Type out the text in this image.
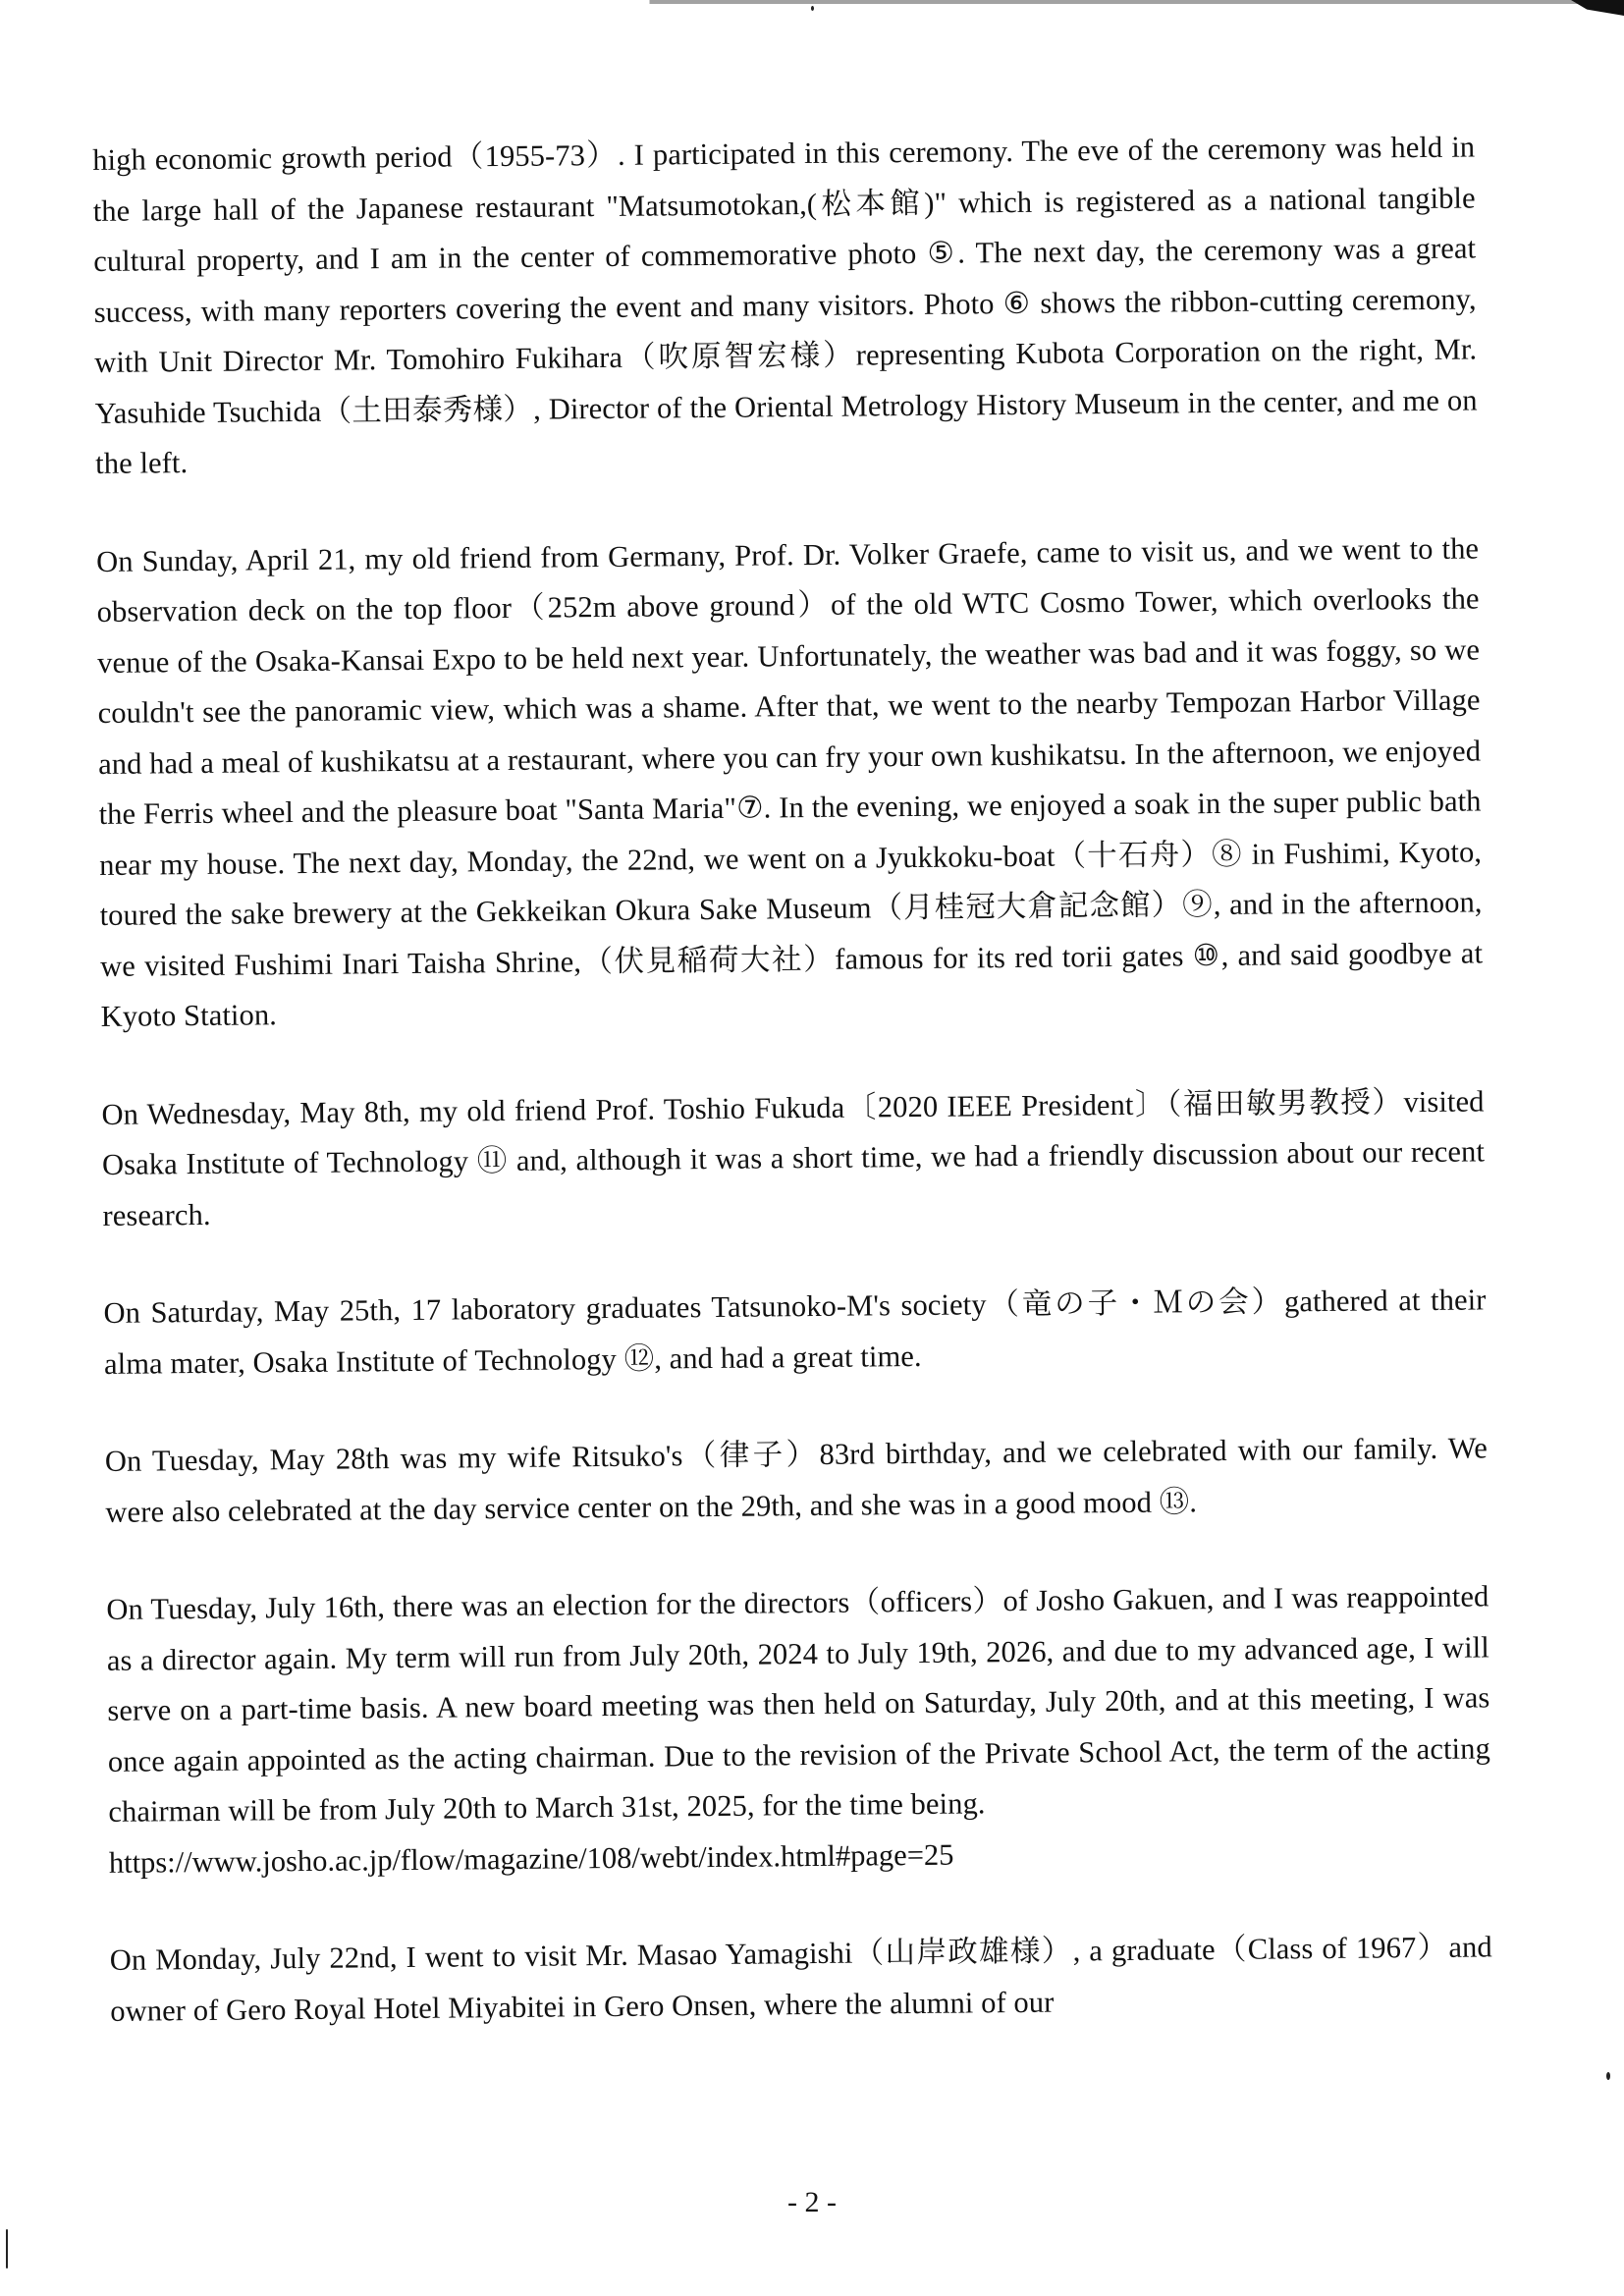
high economic growth period（1955-73）. I participated in this ceremony. The eve of the ceremony was held in the large hall of the Japanese restaurant "Matsumotokan,(松本館)" which is registered as a national tangible cultural property, and I am in the center of commemorative photo ⑤. The next day, the ceremony was a great success, with many reporters covering the event and many visitors. Photo ⑥ shows the ribbon-cutting ceremony, with Unit Director Mr. Tomohiro Fukihara（吹原智宏様）representing Kubota Corporation on the right, Mr. Yasuhide Tsuchida（土田泰秀様）, Director of the Oriental Metrology History Museum in the center, and me on the left.

On Sunday, April 21, my old friend from Germany, Prof. Dr. Volker Graefe, came to visit us, and we went to the observation deck on the top floor（252m above ground）of the old WTC Cosmo Tower, which overlooks the venue of the Osaka-Kansai Expo to be held next year. Unfortunately, the weather was bad and it was foggy, so we couldn't see the panoramic view, which was a shame. After that, we went to the nearby Tempozan Harbor Village and had a meal of kushikatsu at a restaurant, where you can fry your own kushikatsu. In the afternoon, we enjoyed the Ferris wheel and the pleasure boat "Santa Maria"⑦. In the evening, we enjoyed a soak in the super public bath near my house. The next day, Monday, the 22nd, we went on a Jyukkoku-boat（十石舟）⑧ in Fushimi, Kyoto, toured the sake brewery at the Gekkeikan Okura Sake Museum（月桂冠大倉記念館）⑨, and in the afternoon, we visited Fushimi Inari Taisha Shrine,（伏見稲荷大社）famous for its red torii gates ⑩, and said goodbye at Kyoto Station.

On Wednesday, May 8th, my old friend Prof. Toshio Fukuda〔2020 IEEE President〕（福田敏男教授）visited Osaka Institute of Technology ⑪ and, although it was a short time, we had a friendly discussion about our recent research.

On Saturday, May 25th, 17 laboratory graduates Tatsunoko-M's society（竜の子・Ｍの会）gathered at their alma mater, Osaka Institute of Technology ⑫, and had a great time.

On Tuesday, May 28th was my wife Ritsuko's（律子）83rd birthday, and we celebrated with our family. We were also celebrated at the day service center on the 29th, and she was in a good mood ⑬.

On Tuesday, July 16th, there was an election for the directors（officers）of Josho Gakuen, and I was reappointed as a director again. My term will run from July 20th, 2024 to July 19th, 2026, and due to my advanced age, I will serve on a part-time basis. A new board meeting was then held on Saturday, July 20th, and at this meeting, I was once again appointed as the acting chairman. Due to the revision of the Private School Act, the term of the acting chairman will be from July 20th to March 31st, 2025, for the time being.

https://www.josho.ac.jp/flow/magazine/108/webt/index.html#page=25

On Monday, July 22nd, I went to visit Mr. Masao Yamagishi（山岸政雄様）, a graduate（Class of 1967）and owner of Gero Royal Hotel Miyabitei in Gero Onsen, where the alumni of our

- 2 -
